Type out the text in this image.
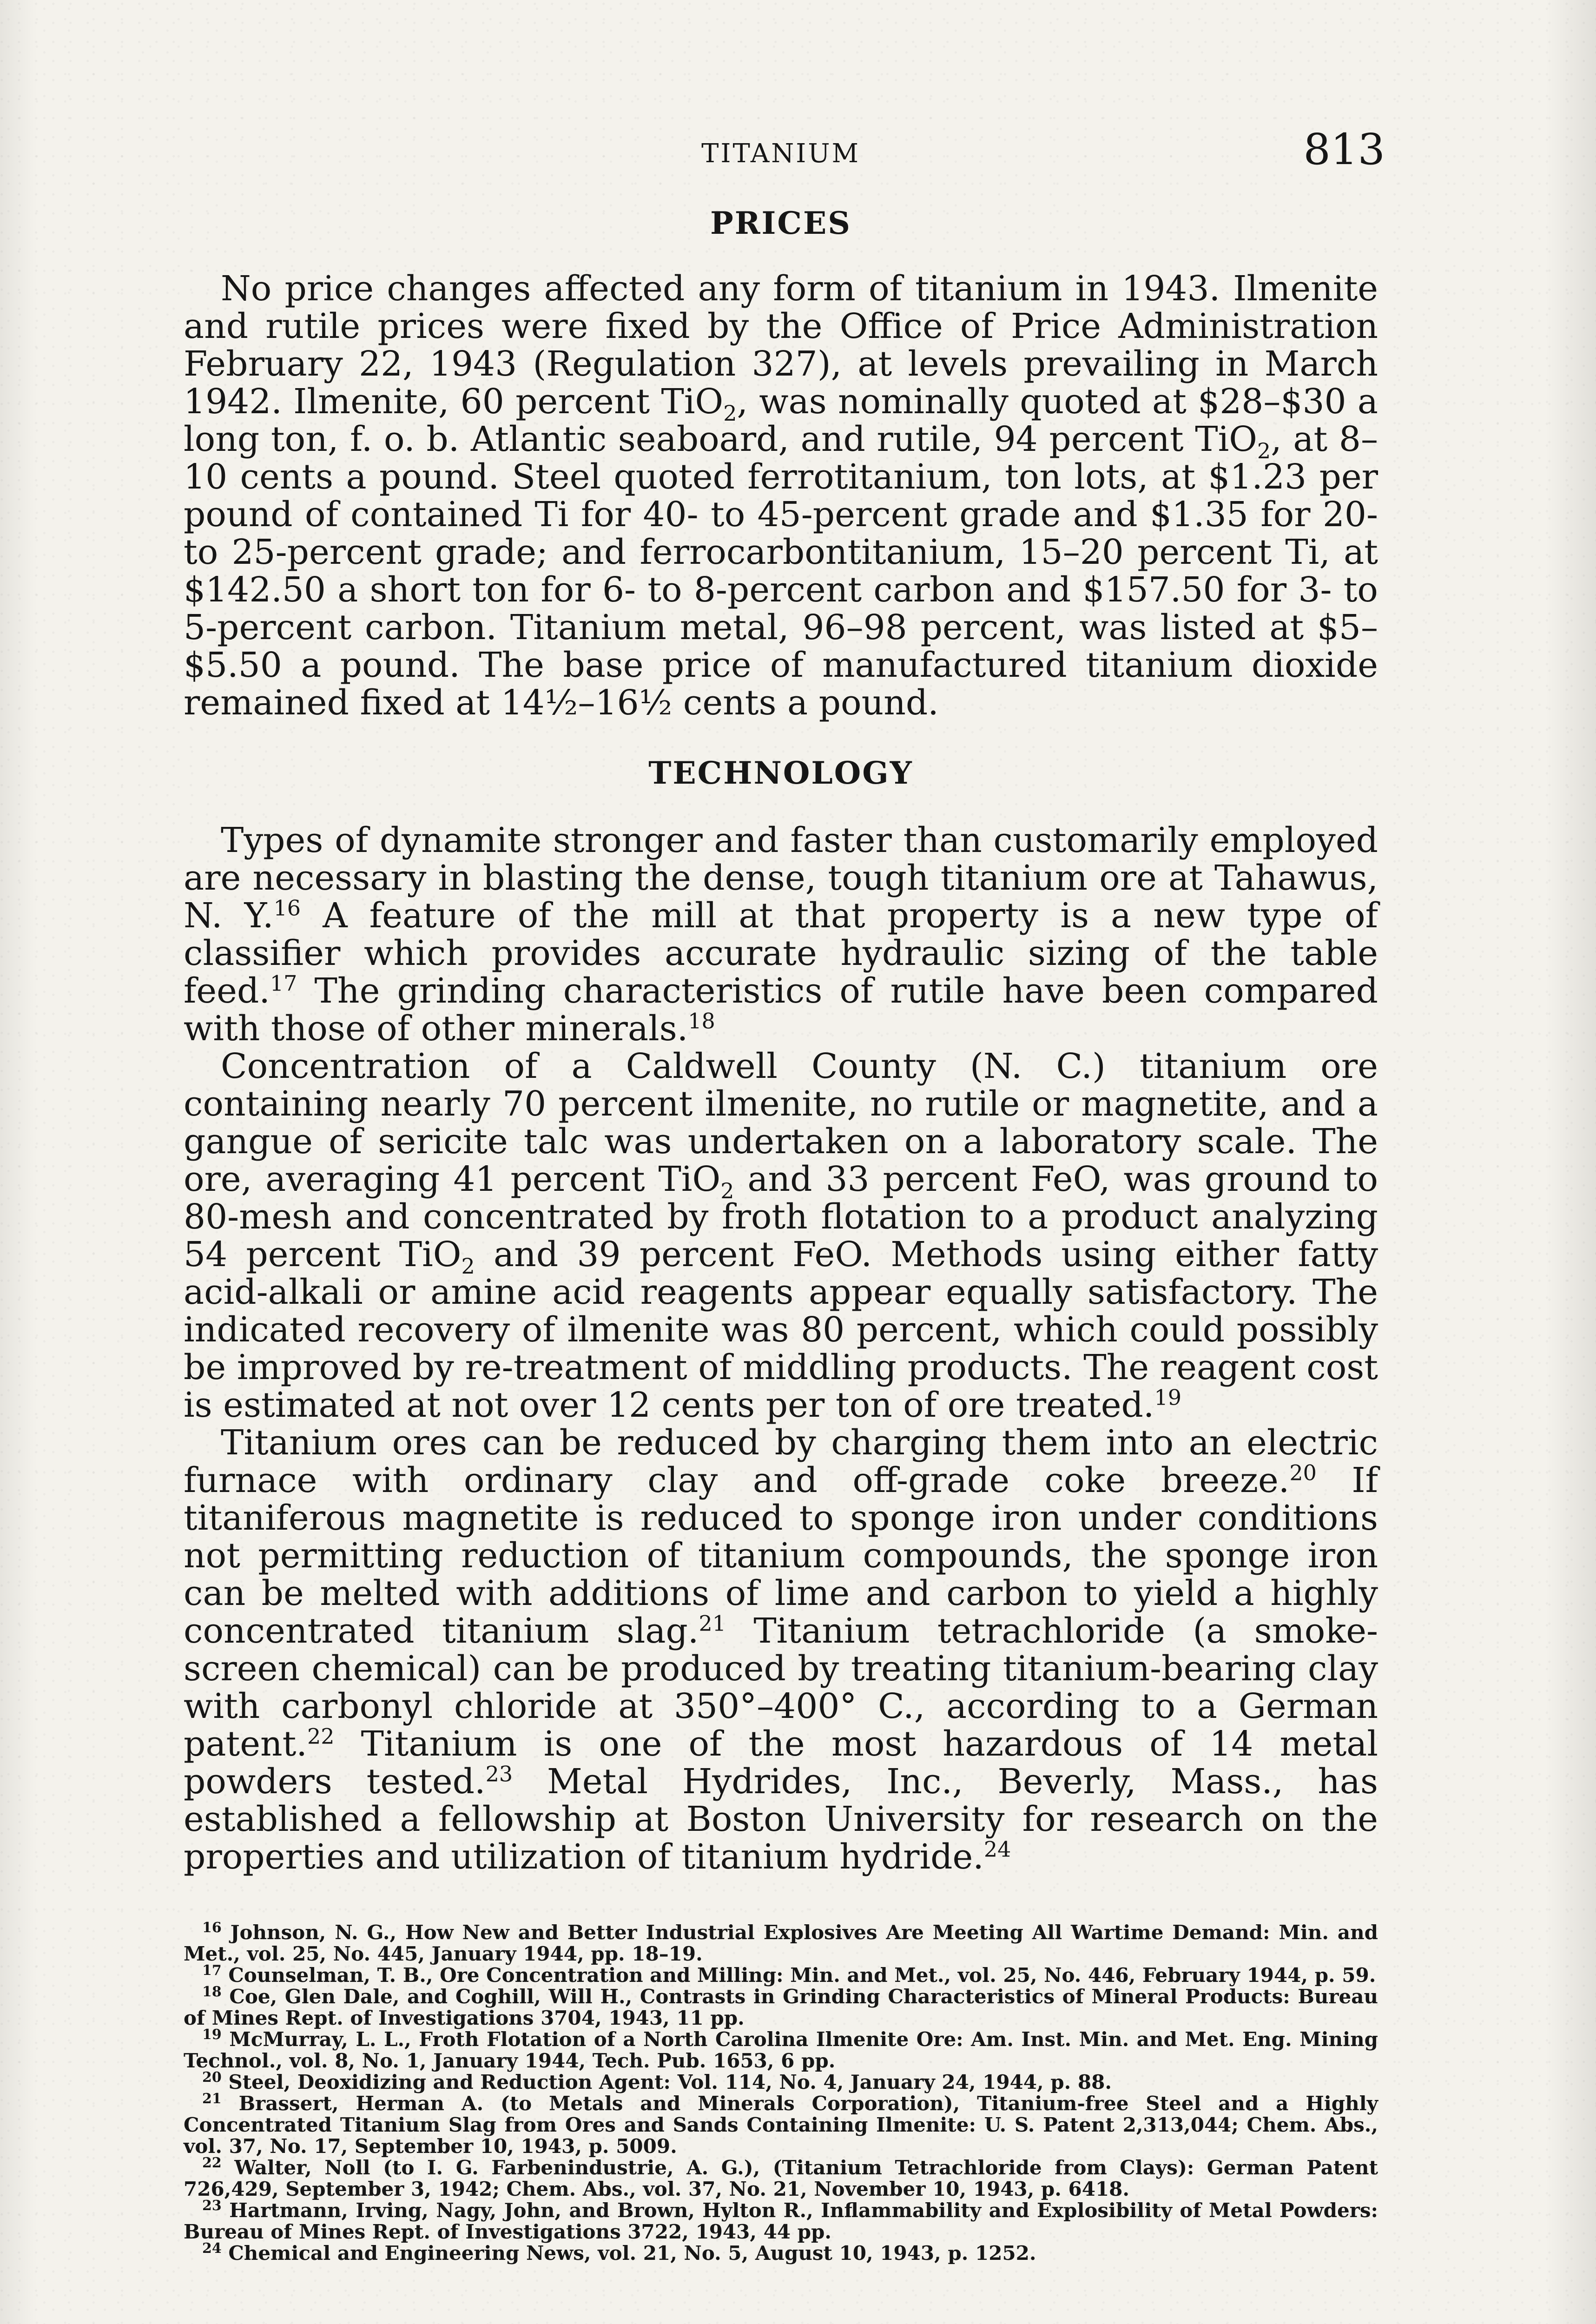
TITANIUM	813
PRICES

No price changes affected any form of titanium in 1943. Ilmenite and rutile prices were fixed by the Office of Price Administration February 22, 1943 (Regulation 327), at levels prevailing in March 1942. Ilmenite, 60 percent TiO$_2$, was nominally quoted at $28–$30 a long ton, f. o. b. Atlantic seaboard, and rutile, 94 percent TiO$_2$, at 8–10 cents a pound. Steel quoted ferrotitanium, ton lots, at $1.23 per pound of contained Ti for 40- to 45-percent grade and $1.35 for 20- to 25-percent grade; and ferrocarbontitanium, 15–20 percent Ti, at $142.50 a short ton for 6- to 8-percent carbon and $157.50 for 3- to 5-percent carbon. Titanium metal, 96–98 percent, was listed at $5–$5.50 a pound. The base price of manufactured titanium dioxide remained fixed at 14½–16½ cents a pound.

TECHNOLOGY

Types of dynamite stronger and faster than customarily employed are necessary in blasting the dense, tough titanium ore at Tahawus, N. Y.$^{16}$ A feature of the mill at that property is a new type of classifier which provides accurate hydraulic sizing of the table feed.$^{17}$ The grinding characteristics of rutile have been compared with those of other minerals.$^{18}$

Concentration of a Caldwell County (N. C.) titanium ore containing nearly 70 percent ilmenite, no rutile or magnetite, and a gangue of sericite talc was undertaken on a laboratory scale. The ore, averaging 41 percent TiO$_2$ and 33 percent FeO, was ground to 80-mesh and concentrated by froth flotation to a product analyzing 54 percent TiO$_2$ and 39 percent FeO. Methods using either fatty acid-alkali or amine acid reagents appear equally satisfactory. The indicated recovery of ilmenite was 80 percent, which could possibly be improved by re-treatment of middling products. The reagent cost is estimated at not over 12 cents per ton of ore treated.$^{19}$

Titanium ores can be reduced by charging them into an electric furnace with ordinary clay and off-grade coke breeze.$^{20}$ If titaniferous magnetite is reduced to sponge iron under conditions not permitting reduction of titanium compounds, the sponge iron can be melted with additions of lime and carbon to yield a highly concentrated titanium slag.$^{21}$ Titanium tetrachloride (a smoke-screen chemical) can be produced by treating titanium-bearing clay with carbonyl chloride at 350°–400° C., according to a German patent.$^{22}$ Titanium is one of the most hazardous of 14 metal powders tested.$^{23}$ Metal Hydrides, Inc., Beverly, Mass., has established a fellowship at Boston University for research on the properties and utilization of titanium hydride.$^{24}$

$^{16}$ Johnson, N. G., How New and Better Industrial Explosives Are Meeting All Wartime Demand: Min. and Met., vol. 25, No. 445, January 1944, pp. 18–19.

$^{17}$ Counselman, T. B., Ore Concentration and Milling: Min. and Met., vol. 25, No. 446, February 1944, p. 59.

$^{18}$ Coe, Glen Dale, and Coghill, Will H., Contrasts in Grinding Characteristics of Mineral Products: Bureau of Mines Rept. of Investigations 3704, 1943, 11 pp.

$^{19}$ McMurray, L. L., Froth Flotation of a North Carolina Ilmenite Ore: Am. Inst. Min. and Met. Eng. Mining Technol., vol. 8, No. 1, January 1944, Tech. Pub. 1653, 6 pp.

$^{20}$ Steel, Deoxidizing and Reduction Agent: Vol. 114, No. 4, January 24, 1944, p. 88.

$^{21}$ Brassert, Herman A. (to Metals and Minerals Corporation), Titanium-free Steel and a Highly Concentrated Titanium Slag from Ores and Sands Containing Ilmenite: U. S. Patent 2,313,044; Chem. Abs., vol. 37, No. 17, September 10, 1943, p. 5009.

$^{22}$ Walter, Noll (to I. G. Farbenindustrie, A. G.), (Titanium Tetrachloride from Clays): German Patent 726,429, September 3, 1942; Chem. Abs., vol. 37, No. 21, November 10, 1943, p. 6418.

$^{23}$ Hartmann, Irving, Nagy, John, and Brown, Hylton R., Inflammability and Explosibility of Metal Powders: Bureau of Mines Rept. of Investigations 3722, 1943, 44 pp.

$^{24}$ Chemical and Engineering News, vol. 21, No. 5, August 10, 1943, p. 1252.
